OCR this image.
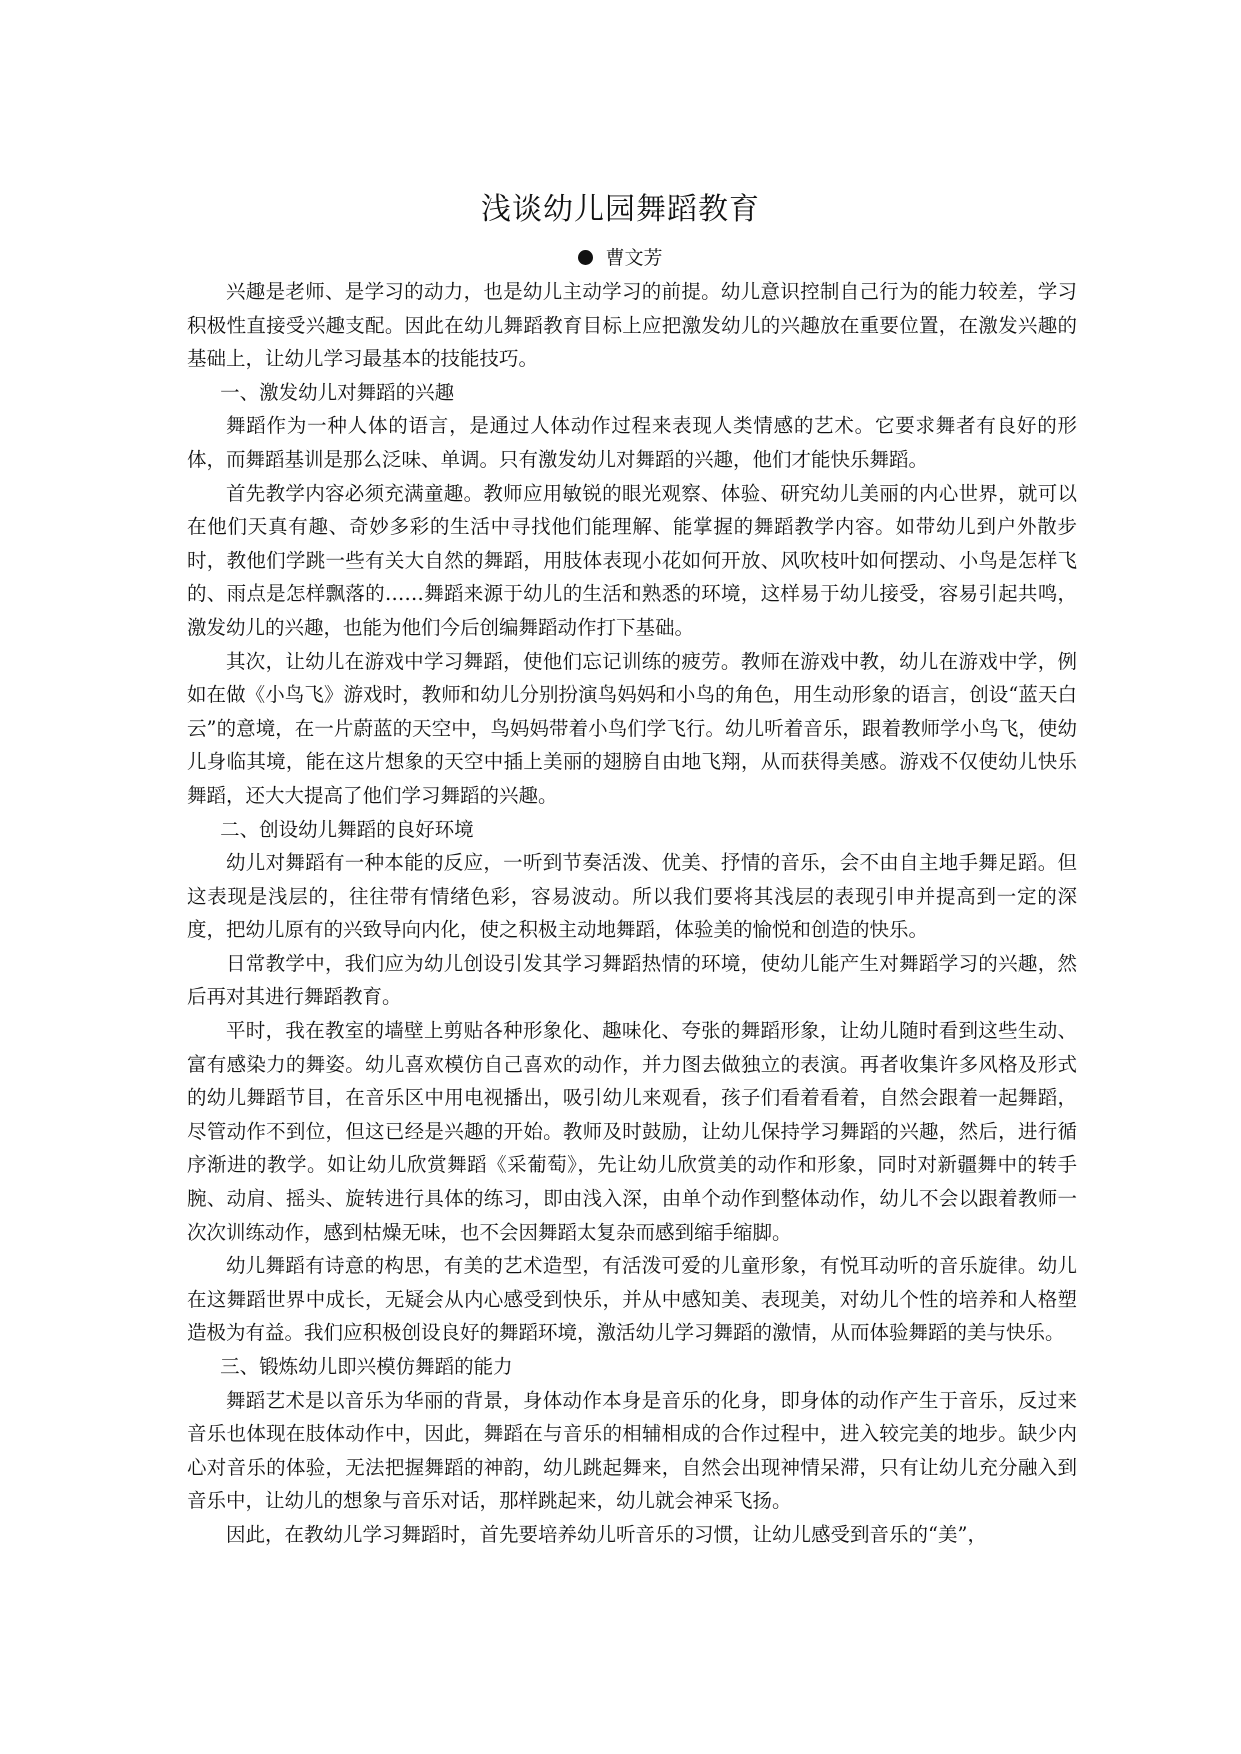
浅谈幼儿园舞蹈教育
曹文芳

兴趣是老师、是学习的动力，也是幼儿主动学习的前提。幼儿意识控制自己行为的能力较差，学习积极性直接受兴趣支配。因此在幼儿舞蹈教育目标上应把激发幼儿的兴趣放在重要位置，在激发兴趣的基础上，让幼儿学习最基本的技能技巧。

一、激发幼儿对舞蹈的兴趣

舞蹈作为一种人体的语言，是通过人体动作过程来表现人类情感的艺术。它要求舞者有良好的形体，而舞蹈基训是那么泛味、单调。只有激发幼儿对舞蹈的兴趣，他们才能快乐舞蹈。

首先教学内容必须充满童趣。教师应用敏锐的眼光观察、体验、研究幼儿美丽的内心世界，就可以在他们天真有趣、奇妙多彩的生活中寻找他们能理解、能掌握的舞蹈教学内容。如带幼儿到户外散步时，教他们学跳一些有关大自然的舞蹈，用肢体表现小花如何开放、风吹枝叶如何摆动、小鸟是怎样飞的、雨点是怎样飘落的……舞蹈来源于幼儿的生活和熟悉的环境，这样易于幼儿接受，容易引起共鸣，激发幼儿的兴趣，也能为他们今后创编舞蹈动作打下基础。

其次，让幼儿在游戏中学习舞蹈，使他们忘记训练的疲劳。教师在游戏中教，幼儿在游戏中学，例如在做《小鸟飞》游戏时，教师和幼儿分别扮演鸟妈妈和小鸟的角色，用生动形象的语言，创设“蓝天白云”的意境，在一片蔚蓝的天空中，鸟妈妈带着小鸟们学飞行。幼儿听着音乐，跟着教师学小鸟飞，使幼儿身临其境，能在这片想象的天空中插上美丽的翅膀自由地飞翔，从而获得美感。游戏不仅使幼儿快乐舞蹈，还大大提高了他们学习舞蹈的兴趣。

二、创设幼儿舞蹈的良好环境

幼儿对舞蹈有一种本能的反应，一听到节奏活泼、优美、抒情的音乐，会不由自主地手舞足蹈。但这表现是浅层的，往往带有情绪色彩，容易波动。所以我们要将其浅层的表现引申并提高到一定的深度，把幼儿原有的兴致导向内化，使之积极主动地舞蹈，体验美的愉悦和创造的快乐。

日常教学中，我们应为幼儿创设引发其学习舞蹈热情的环境，使幼儿能产生对舞蹈学习的兴趣，然后再对其进行舞蹈教育。

平时，我在教室的墙壁上剪贴各种形象化、趣味化、夸张的舞蹈形象，让幼儿随时看到这些生动、富有感染力的舞姿。幼儿喜欢模仿自己喜欢的动作，并力图去做独立的表演。再者收集许多风格及形式的幼儿舞蹈节目，在音乐区中用电视播出，吸引幼儿来观看，孩子们看着看着，自然会跟着一起舞蹈，尽管动作不到位，但这已经是兴趣的开始。教师及时鼓励，让幼儿保持学习舞蹈的兴趣，然后，进行循序渐进的教学。如让幼儿欣赏舞蹈《采葡萄》，先让幼儿欣赏美的动作和形象，同时对新疆舞中的转手腕、动肩、摇头、旋转进行具体的练习，即由浅入深，由单个动作到整体动作，幼儿不会以跟着教师一次次训练动作，感到枯燥无味，也不会因舞蹈太复杂而感到缩手缩脚。

幼儿舞蹈有诗意的构思，有美的艺术造型，有活泼可爱的儿童形象，有悦耳动听的音乐旋律。幼儿在这舞蹈世界中成长，无疑会从内心感受到快乐，并从中感知美、表现美，对幼儿个性的培养和人格塑造极为有益。我们应积极创设良好的舞蹈环境，激活幼儿学习舞蹈的激情，从而体验舞蹈的美与快乐。

三、锻炼幼儿即兴模仿舞蹈的能力

舞蹈艺术是以音乐为华丽的背景，身体动作本身是音乐的化身，即身体的动作产生于音乐，反过来音乐也体现在肢体动作中，因此，舞蹈在与音乐的相辅相成的合作过程中，进入较完美的地步。缺少内心对音乐的体验，无法把握舞蹈的神韵，幼儿跳起舞来，自然会出现神情呆滞，只有让幼儿充分融入到音乐中，让幼儿的想象与音乐对话，那样跳起来，幼儿就会神采飞扬。

因此，在教幼儿学习舞蹈时，首先要培养幼儿听音乐的习惯，让幼儿感受到音乐的“美”，
